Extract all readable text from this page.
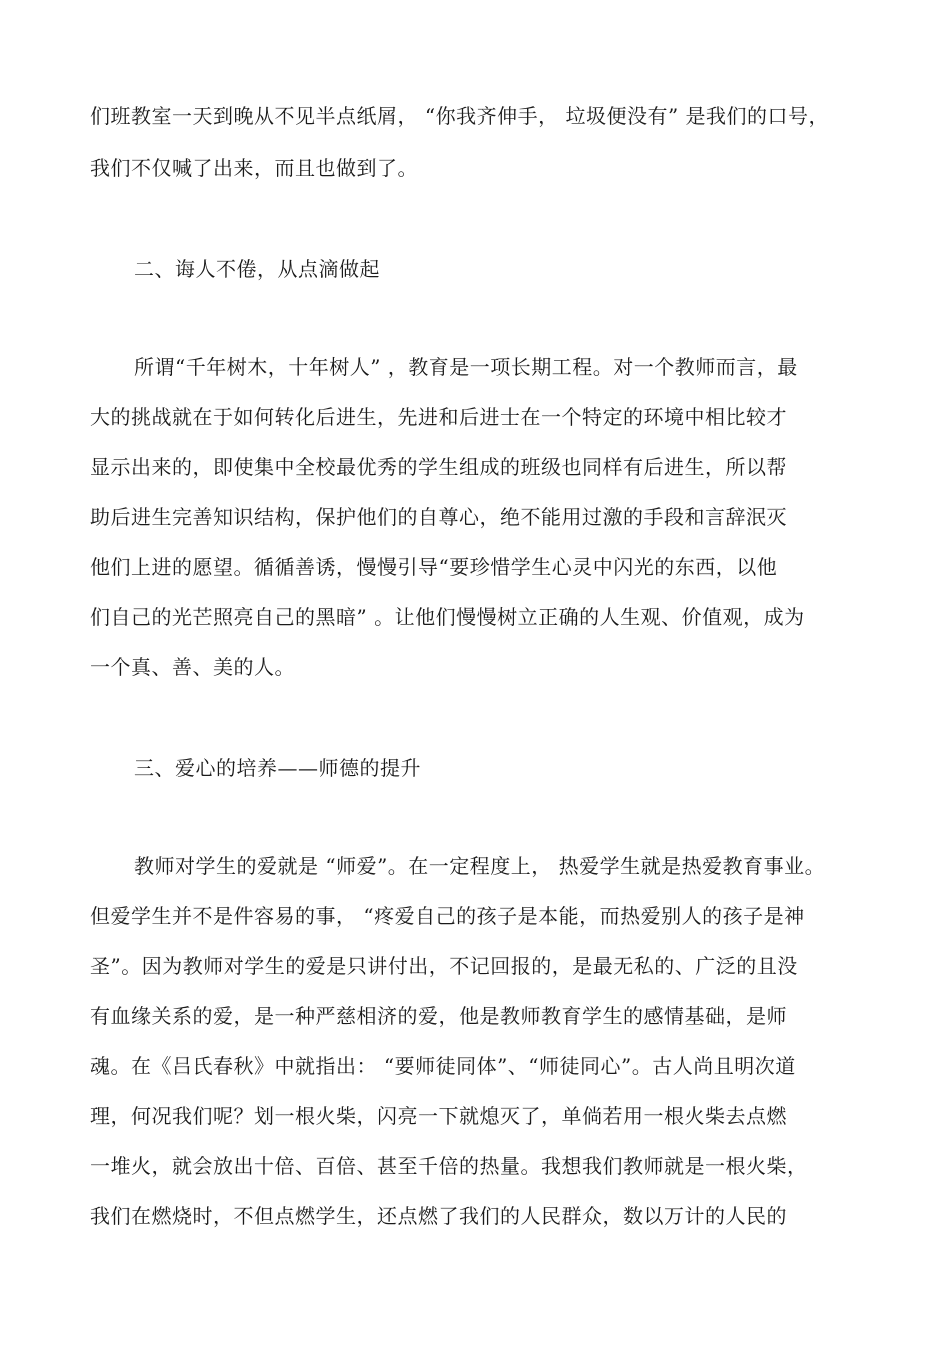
们班教室一天到晚从不见半点纸屑， “你我齐伸手， 垃圾便没有” 是我们的口号，
我们不仅喊了出来，而且也做到了。
二、诲人不倦，从点滴做起
所谓“千年树木，十年树人” ，教育是一项长期工程。对一个教师而言，最
大的挑战就在于如何转化后进生，先进和后进士在一个特定的环境中相比较才
显示出来的，即使集中全校最优秀的学生组成的班级也同样有后进生，所以帮
助后进生完善知识结构，保护他们的自尊心，绝不能用过激的手段和言辞泯灭
他们上进的愿望。循循善诱，慢慢引导“要珍惜学生心灵中闪光的东西，以他
们自己的光芒照亮自己的黑暗” 。让他们慢慢树立正确的人生观、价值观，成为
一个真、善、美的人。
三、爱心的培养——师德的提升
教师对学生的爱就是 “师爱”。在一定程度上， 热爱学生就是热爱教育事业。
但爱学生并不是件容易的事， “疼爱自己的孩子是本能，而热爱别人的孩子是神
圣”。因为教师对学生的爱是只讲付出，不记回报的，是最无私的、广泛的且没
有血缘关系的爱，是一种严慈相济的爱，他是教师教育学生的感情基础，是师
魂。在《吕氏春秋》中就指出： “要师徒同体”、“师徒同心”。古人尚且明次道
理，何况我们呢？划一根火柴，闪亮一下就熄灭了，单倘若用一根火柴去点燃
一堆火，就会放出十倍、百倍、甚至千倍的热量。我想我们教师就是一根火柴，
我们在燃烧时，不但点燃学生，还点燃了我们的人民群众，数以万计的人民的
